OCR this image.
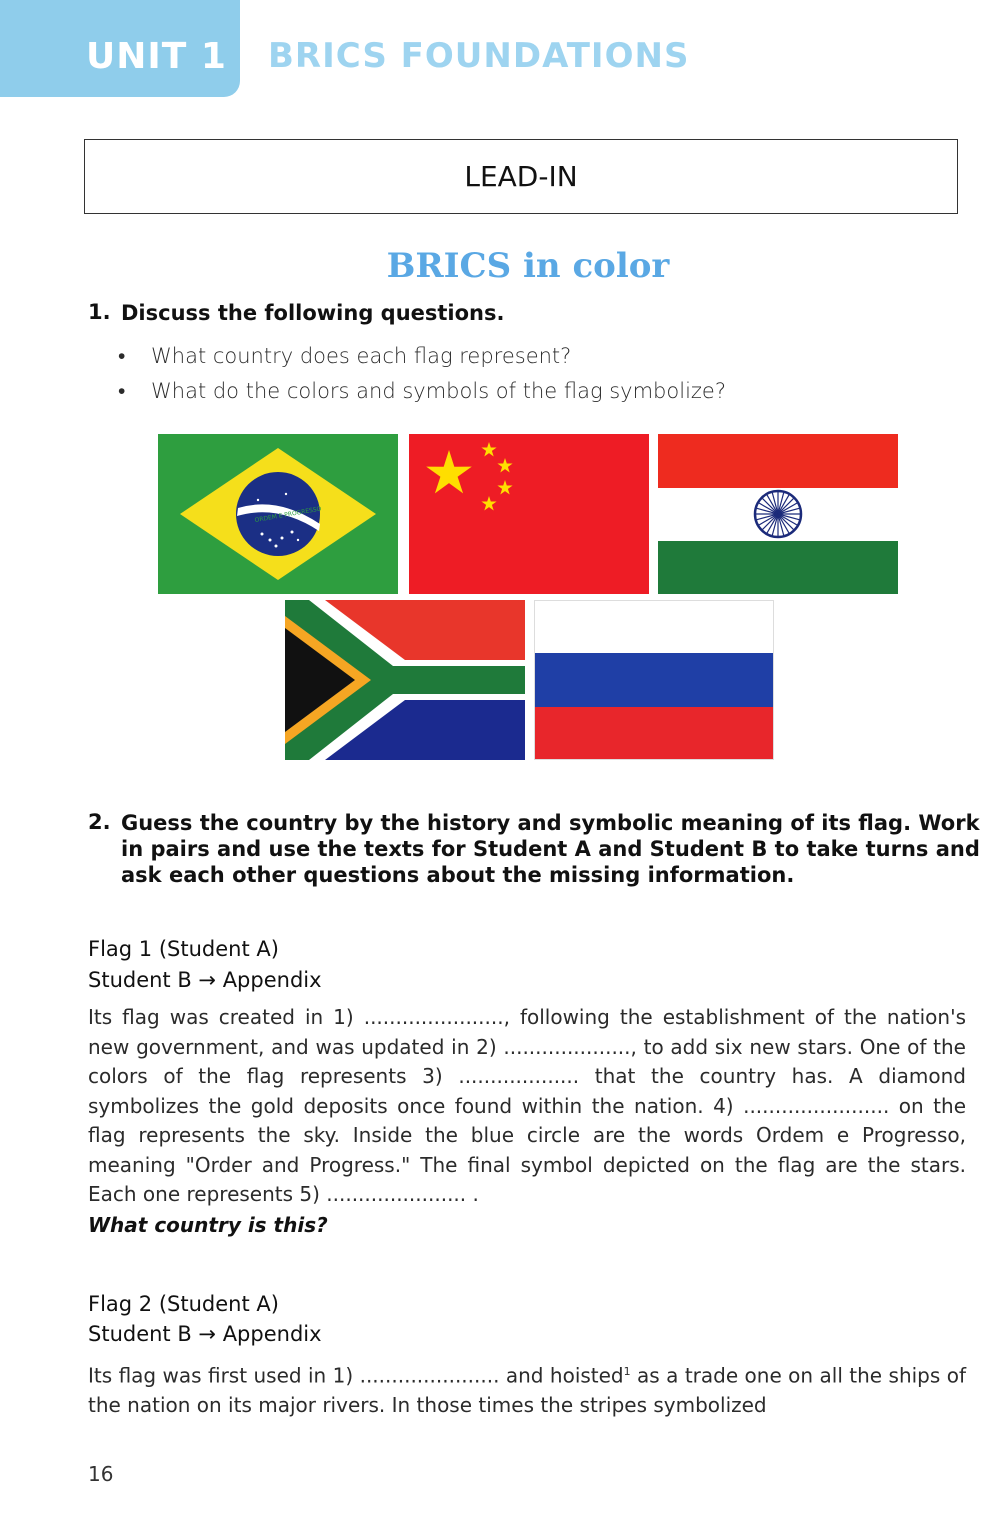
UNIT 1 BRICS FOUNDATIONS
LEAD-IN
BRICS in color
1. Discuss the following questions.
• What country does each flag represent?
• What do the colors and symbols of the flag symbolize?
ORDEM E PROGRESSO
2. Guess the country by the history and symbolic meaning of its flag. Work
in pairs and use the texts for Student A and Student B to take turns and
ask each other questions about the missing information.
Flag 1 (Student A)
Student B → Appendix
Its flag was created in 1) ......................, following the establishment of the nation's new government, and was updated in 2) ...................., to add six new stars. One of the colors of the flag represents 3) ................... that the country has. A diamond symbolizes the gold deposits once found within the nation. 4) ....................... on the flag represents the sky. Inside the blue circle are the words Ordem e Progresso, meaning "Order and Progress." The final symbol depicted on the flag are the stars. Each one represents 5) ...................... .
What country is this?
Flag 2 (Student A)
Student B → Appendix
Its flag was first used in 1) ...................... and hoisted$^1$ as a trade one on all the ships of the nation on its major rivers. In those times the stripes symbolized
16
